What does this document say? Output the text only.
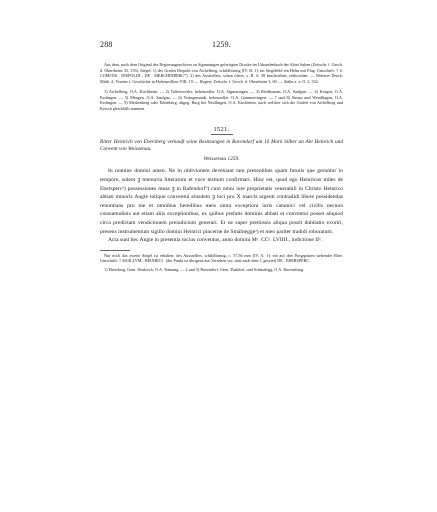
288	1259.

Aus dem, nach dem Original des Regierungsarchives zu Sigmaringen gefertigten Drucke im Urkundenbuch der Abtei Salem (Zeitschr. f. Gesch. d. Oberrheins 35, 376). Siegel: 1) des Grafen Diepold von Aichelberg, schildförmig (IV. B. 1): im Siegelfeld ein Helm mit Flug. Umschrift: † S. COMITIS . DIEPOLDI . DE . MERCHINBERC*). 2) des Ausstellers, schon öfters, s. B. S. 38 beschrieben, zerbrochen. — Weiterer Druck: Mitth. d. Vereins f. Geschichte in Hohenzollern VIII, 19. — Regest: Zeitschr. f. Gesch. d. Oberrheins 3, 69. — Stälin a. a. O. 2, 352.

1) Aichelberg, O.A. Kirchheim. — 2) Talfetzweiler, hohenzoller. O.A. Sigmaringen. — 3) Riedhausen, O.A. Saulgau. — 4) Kösgen, O.A. Esslingen. — 5) Mengen, O.A. Saulgau. — 6) Veringenstadt, hohenzoller. O.A. Gammertingen. — 7 und 8) Sirnau und Wendlingen, O.A. Esslingen. — 9) Merkenberg oder Erkenberg, abgeg. Burg bei Neidlingen, O.A. Kirchheim, nach welcher sich die Grafen von Aichelberg und Kersch gleichfalls nannten.

1521.
Ritter Heinrich von Ebersberg verkauft seine Besitzungen in Bavendorf um 10 Mark Silber an Abt Heinrich und Convent von Weissenau.
Weissenau 1259.

In nomine domini amen. Ne in oblivionem deveniant tam presentibus quam futuris que geruntur in tempore, solent ꝫ memoria litterarum et voce testium confirmari. Hinc est, quod ego Heinricus miles de Eberspercᵃ) possessiones meas ꝫ in Bafendorfᵇ) cum omni iure proprietatis venerabili in Christo Heinrico abbati minoris Augie totique conventui eiusdem ꝫ loci pro X marcis argenti contradidi libere possidendas renuntians pro me et omnibus heredibus meis omni exceptioni iuris canonici vel civilis necnon consuetudinis aut etiam aliis exceptionibus, ex quibus prefatis dominis abbati et conventui posset aliquod circa predictam vendicionem preiudicium generari. Et ne super premissis aliqua possit dubitatio exoriri, presens instrumentum sigillo domini Heinrici pincerne de Smalneggeᵃ) et meo pariter tradidi roboratum.

Acta sunt hec Augie in presentia tocius conventus, anno domini Mᵒ. CCᵒ. LVIIII., indictione IIᵃ.

Nur noch das zweite Siegel ist erhalten: des Ausstellers, schildförmig, c. 57,56 mm (IV. A. 1): ein auf drei Bergspitzen stehender Eber; Umschrift: † SIGILLVM . HEINRICI . (der Punkt ist übrigens aus Versehen vor, statt nach dem C gesetzt) DE . EBERSPERC.

1) Ebersberg, Gem. Neukirch, O.A. Tettnang. — 2 und 3) Bavendorf, Gem. Thaldorf, und Schmalegg, O.A. Ravensburg.
